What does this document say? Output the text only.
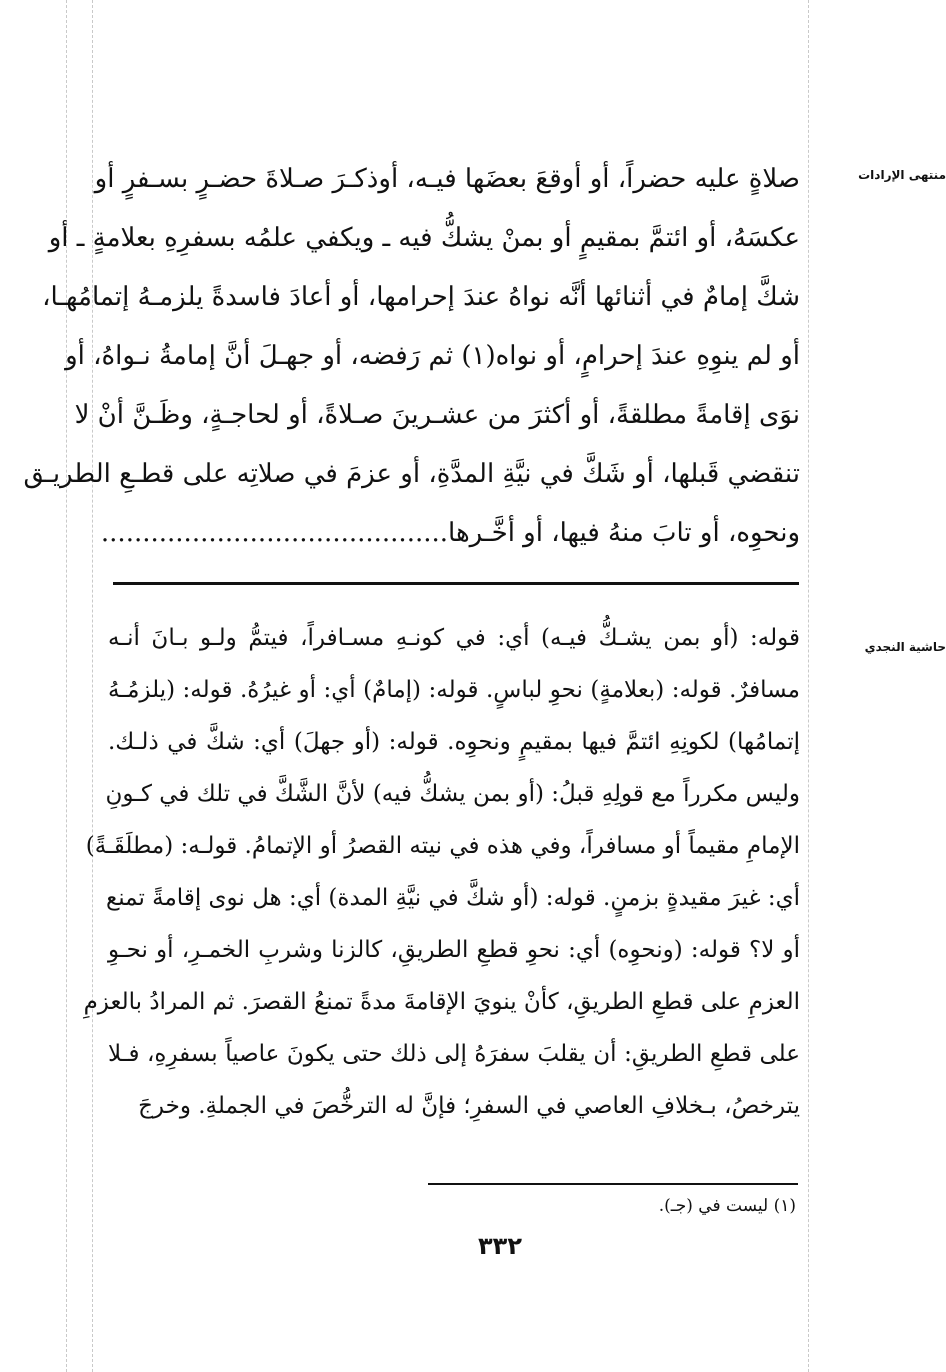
منتهى الإرادات
حاشية النجدي
صلاةٍ عليه حضراً، أو أوقعَ بعضَها فيـه، أوذكـرَ صـلاةَ حضـرٍ بسـفرٍ أو
عكسَهُ، أو ائتمَّ بمقيمٍ أو بمنْ يشكُّ فيه ـ ويكفي علمُه بسفرِهِ بعلامةٍ ـ أو
شكَّ إمامٌ في أثنائها أنَّه نواهُ عندَ إحرامها، أو أعادَ فاسدةً يلزمـهُ إتمامُهـا،
أو لم ينوِهِ عندَ إحرامٍ، أو نواه(١) ثم رَفضه، أو جهـلَ أنَّ إمامةُ نـواهُ، أو
نوَى إقامةً مطلقةً، أو أكثرَ من عشـرينَ صـلاةً، أو لحاجـةٍ، وظَـنَّ أنْ لا
تنقضي قَبلها، أو شَكَّ في نيَّةِ المدَّةِ، أو عزمَ في صلاتِه على قطـعِ الطريـق
ونحوِه، أو تابَ منهُ فيها، أو أخَّـرها..........................................
قوله: (أو بمن يشـكُّ فيـه) أي: في كونـهِ مسـافراً، فيتمُّ ولـو بـانَ أنـه
مسافرٌ. قوله: (بعلامةٍ) نحوِ لباسٍ. قوله: (إمامٌ) أي: أو غيرُهُ. قوله: (يلزمُـهُ
إتمامُها) لكونِهِ ائتمَّ فيها بمقيمٍ ونحوِه. قوله: (أو جهلَ) أي: شكَّ في ذلـك.
وليس مكرراً مع قولِهِ قبلُ: (أو بمن يشكُّ فيه) لأنَّ الشَّكَّ في تلك في كـونِ
الإمامِ مقيماً أو مسافراً، وفي هذه في نيته القصرُ أو الإتمامُ. قولـه: (مطلَقَـةً)
أي: غيرَ مقيدةٍ بزمنٍ. قوله: (أو شكَّ في نيَّةِ المدة) أي: هل نوى إقامةً تمنع
أو لا؟ قوله: (ونحوِه) أي: نحوِ قطعِ الطريقِ، كالزنا وشربِ الخمـرِ، أو نحـوِ
العزمِ على قطعِ الطريقِ، كأنْ ينويَ الإقامةَ مدةً تمنعُ القصرَ. ثم المرادُ بالعزمِ
على قطعِ الطريقِ: أن يقلبَ سفرَهُ إلى ذلك حتى يكونَ عاصياً بسفرِهِ، فـلا
يترخصُ، بـخلافِ العاصي في السفرِ؛ فإنَّ له الترخُّصَ في الجملةِ. وخرجَ
(١) ليست في (جـ).
٣٣٢
